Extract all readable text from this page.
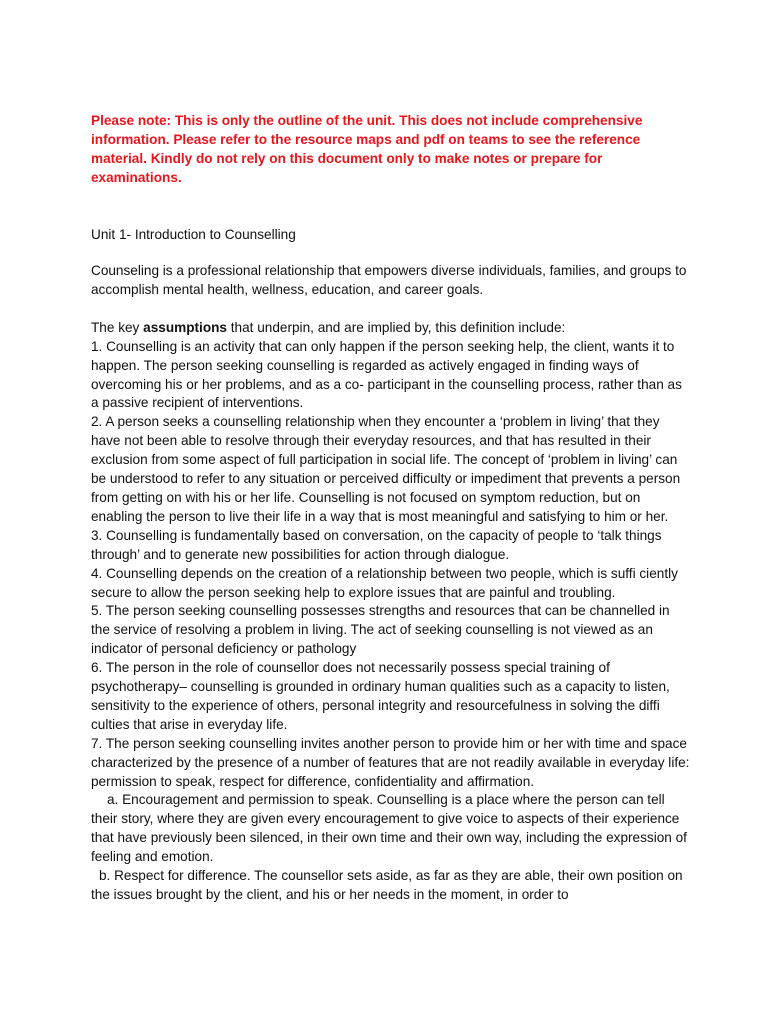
Please note: This is only the outline of the unit. This does not include comprehensive information. Please refer to the resource maps and pdf on teams to see the reference material. Kindly do not rely on this document only to make notes or prepare for examinations.

Unit 1- Introduction to Counselling

Counseling is a professional relationship that empowers diverse individuals, families, and groups to accomplish mental health, wellness, education, and career goals.

The key assumptions that underpin, and are implied by, this definition include:

1. Counselling is an activity that can only happen if the person seeking help, the client, wants it to happen. The person seeking counselling is regarded as actively engaged in finding ways of overcoming his or her problems, and as a co- participant in the counselling process, rather than as a passive recipient of interventions.

2. A person seeks a counselling relationship when they encounter a ‘problem in living’ that they have not been able to resolve through their everyday resources, and that has resulted in their exclusion from some aspect of full participation in social life. The concept of ‘problem in living’ can be understood to refer to any situation or perceived difficulty or impediment that prevents a person from getting on with his or her life. Counselling is not focused on symptom reduction, but on enabling the person to live their life in a way that is most meaningful and satisfying to him or her.

3. Counselling is fundamentally based on conversation, on the capacity of people to ‘talk things through’ and to generate new possibilities for action through dialogue.

4. Counselling depends on the creation of a relationship between two people, which is suffi ciently secure to allow the person seeking help to explore issues that are painful and troubling.

5. The person seeking counselling possesses strengths and resources that can be channelled in the service of resolving a problem in living. The act of seeking counselling is not viewed as an indicator of personal deficiency or pathology

6. The person in the role of counsellor does not necessarily possess special training of psychotherapy– counselling is grounded in ordinary human qualities such as a capacity to listen, sensitivity to the experience of others, personal integrity and resourcefulness in solving the diffi culties that arise in everyday life.

7. The person seeking counselling invites another person to provide him or her with time and space characterized by the presence of a number of features that are not readily available in everyday life: permission to speak, respect for difference, confidentiality and affirmation.

a. Encouragement and permission to speak. Counselling is a place where the person can tell their story, where they are given every encouragement to give voice to aspects of their experience that have previously been silenced, in their own time and their own way, including the expression of feeling and emotion.

b. Respect for difference. The counsellor sets aside, as far as they are able, their own position on the issues brought by the client, and his or her needs in the moment, in order to
